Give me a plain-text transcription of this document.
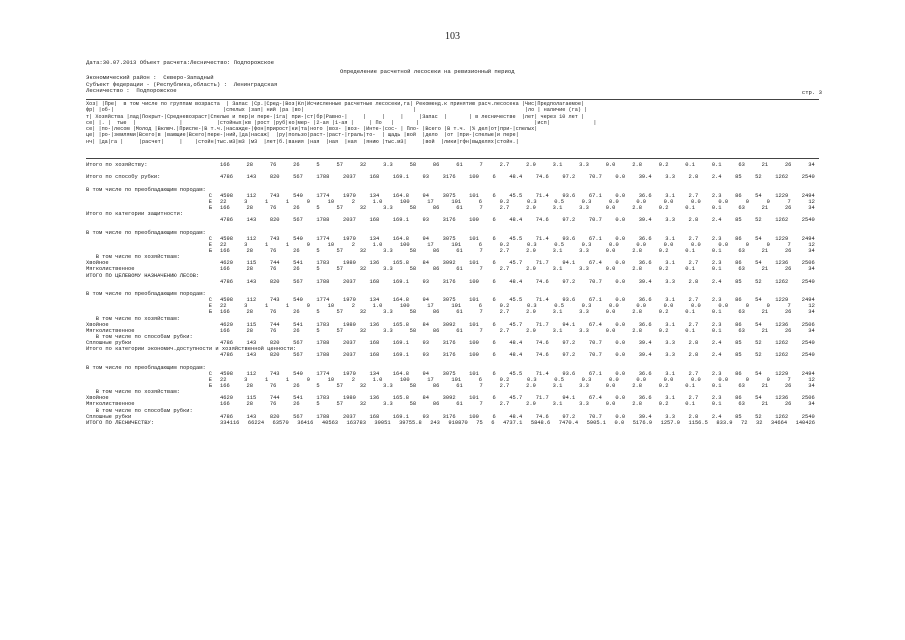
103
Дата:30.07.2013 Объект расчета:Лесничество: Подпорожское
Определение расчетной лесосеки на ревизионный период
Экономический район :  Северо-Западный
Субъект федерации - (Республика,область) :  Ленинградская
Лесничество :  Подпорожское	стр. 3
Хоз| |Пре|  в том числе по группам возраста  | Запас |Ср.|Сред-|Воз|Кл|Исчисленные расчетные лесосеки,га| Рекоменд.к принятию расч.лесосека |Чис|Предполагаемое|
фр| |об-|                                   |спелых |зап| ний |ра |во|                                   |                                   |ло | наличие (га) |
т| Хозяйства |лад|Покрыт-|Средневозраст|Спелые и пер|и пере-|1га| при-|ст|бр|Равно-|     |     |     |     |Запас  |       | в лесничестве  |лет| через 10 лет |
се| |. |  тые  |              |           |стойных|кв |рост |руб|ко|мер- |2-ая |1-ая |     | По   |       |                                     |исп|              |
се| |по-|лесом |Молод |Включ.|Приспе-|В т.ч.|насажде-|фон|прирост|ки|та|ного |воз- |воз- |Инте-|сос- | Пло- |Всего |В т.ч. |% дел|от|при-|спелых|
це| |ро-|землями|Всего|в |вающие|Всего|пере-|ний,|да|насаж|  |ру|пользо|раст-|раст-|граль|то-  | щадь |вой  |дело  |от |при-|спелые|и пере|
нч| |да|га |     |расчет|     |    |стойн|тыс.м3|м3 |м3  |лет|б.|вания |ная  |ная  |ная  |янию |тыс.м3|     |вой  |лики|гфн|выделях|стойн.|
Итого по хозяйству:	166	28	76	26	5	57	32	3.3	58	86	61	7	2.7	2.9	3.1	3.3	0.0	2.8	0.2	0.1	0.1	63	21	26	34
Итого по способу рубки:	4786	143	820	567	1788	2037	168	169.1	93	3176	100	6	48.4	74.6	97.2	70.7	0.0	39.4	3.3	2.8	2.4	85	52	1262	2540
В том числе по преобладающим породам:
С 4598	112	743	540	1774	1970	134	164.8	94	3075	101	6	45.5	71.4	93.6	67.1	0.0	36.6	3.1	2.7	2.3	86	54	1229	2494
Е 22	3	1	1	9	10	2	1.0	100	17	101	6	0.2	0.3	0.5	0.3	0.0	0.0	0.0	0.0	0.0	0	0	7	12
Б 166	28	76	26	5	57	32	3.3	58	86	61	7	2.7	2.9	3.1	3.3	0.0	2.8	0.2	0.1	0.1	63	21	26	34
Итого по категории защитности:
4786	143	820	567	1788	2037	168	169.1	93	3176	100	6	48.4	74.6	97.2	70.7	0.0	39.4	3.3	2.8	2.4	85	52	1262	2540
В том числе по преобладающим породам:
С 4598	112	743	540	1774	1970	134	164.8	94	3075	101	6	45.5	71.4	93.6	67.1	0.0	36.6	3.1	2.7	2.3	86	54	1229	2494
Е 22	3	1	1	9	10	2	1.0	100	17	101	6	0.2	0.3	0.5	0.3	0.0	0.0	0.0	0.0	0.0	0	0	7	12
Б 166	28	76	26	5	57	32	3.3	58	86	61	7	2.7	2.9	3.1	3.3	0.0	2.8	0.2	0.1	0.1	63	21	26	34
В том числе по хозяйствам:
Хвойное	4620	115	744	541	1783	1980	136	165.8	84	3092	101	6	45.7	71.7	94.1	67.4	0.0	36.6	3.1	2.7	2.3	86	54	1236	2506
Мягколиственное	166	28	76	26	5	57	32	3.3	58	86	61	7	2.7	2.9	3.1	3.3	0.0	2.8	0.2	0.1	0.1	63	21	26	34
ИТОГО ПО ЦЕЛЕВОМУ НАЗНАЧЕНИЮ ЛЕСОВ:
4786	143	820	567	1788	2037	168	169.1	93	3176	100	6	48.4	74.6	97.2	70.7	0.0	39.4	3.3	2.8	2.4	85	52	1262	2540
В том числе по преобладающим породам:
С 4598	112	743	540	1774	1970	134	164.8	94	3075	101	6	45.5	71.4	93.6	67.1	0.0	36.6	3.1	2.7	2.3	86	54	1229	2494
Е 22	3	1	1	9	10	2	1.0	100	17	101	6	0.2	0.3	0.5	0.3	0.0	0.0	0.0	0.0	0.0	0	0	7	12
Б 166	28	76	26	5	57	32	3.3	58	86	61	7	2.7	2.9	3.1	3.3	0.0	2.8	0.2	0.1	0.1	63	21	26	34
В том числе по хозяйствам:
Хвойное	4620	115	744	541	1783	1980	136	165.8	84	3092	101	6	45.7	71.7	94.1	67.4	0.0	36.6	3.1	2.7	2.3	86	54	1236	2506
Мягколиственное	166	28	76	26	5	57	32	3.3	58	86	61	7	2.7	2.9	3.1	3.3	0.0	2.8	0.2	0.1	0.1	63	21	26	34
В том числе по способам рубки:
Сплошные рубки	4786	143	820	567	1788	2037	168	169.1	93	3176	100	6	48.4	74.6	97.2	70.7	0.0	39.4	3.3	2.8	2.4	85	52	1262	2540
Итого по категории экономич.доступности и хозяйственной ценности:
4786	143	820	567	1788	2037	168	169.1	93	3176	100	6	48.4	74.6	97.2	70.7	0.0	39.4	3.3	2.8	2.4	85	52	1262	2540
В том числе по преобладающим породам:
С 4598	112	743	540	1774	1970	134	164.8	94	3075	101	6	45.5	71.4	93.6	67.1	0.0	36.6	3.1	2.7	2.3	86	54	1229	2494
Е 22	3	1	1	9	10	2	1.0	100	17	101	6	0.2	0.3	0.5	0.3	0.0	0.0	0.0	0.0	0.0	0	0	7	12
Б 166	28	76	26	5	57	32	3.3	58	86	61	7	2.7	2.9	3.1	3.3	0.0	2.8	0.2	0.1	0.1	63	21	26	34
В том числе по хозяйствам:
Хвойное	4620	115	744	541	1783	1980	136	165.8	84	3092	101	6	45.7	71.7	94.1	67.4	0.0	36.6	3.1	2.7	2.3	86	54	1236	2506
Мягколиственное	166	28	76	26	5	57	32	3.3	58	86	61	7	2.7	2.9	3.1	3.3	0.0	2.8	0.2	0.1	0.1	63	21	26	34
В том числе по способам рубки:
Сплошные рубки	4786	143	820	567	1788	2037	168	169.1	93	3176	100	6	48.4	74.6	97.2	70.7	0.0	39.4	3.3	2.8	2.4	85	52	1262	2540
ИТОГО ПО ЛЕСНИЧЕСТВУ:	334116 66224 63570 36416 40563 163783 39051 39755.8 243 910870 75 6 4737.1 5848.6 7470.4 5905.1 0.0 5176.9 1257.0 1156.5 833.9 72 32 34664 140426
